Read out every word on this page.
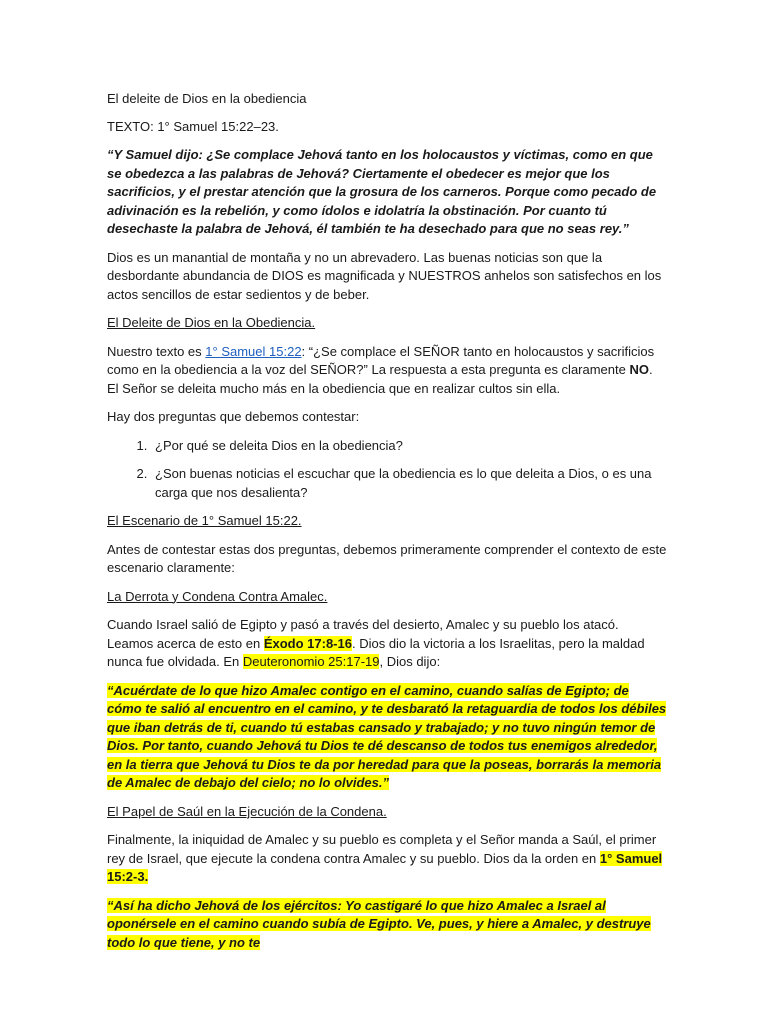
El deleite de Dios en la obediencia

TEXTO: 1° Samuel 15:22–23.

“Y Samuel dijo: ¿Se complace Jehová tanto en los holocaustos y víctimas, como en que se obedezca a las palabras de Jehová? Ciertamente el obedecer es mejor que los sacrificios, y el prestar atención que la grosura de los carneros. Porque como pecado de adivinación es la rebelión, y como ídolos e idolatría la obstinación. Por cuanto tú desechaste la palabra de Jehová, él también te ha desechado para que no seas rey.”

Dios es un manantial de montaña y no un abrevadero. Las buenas noticias son que la desbordante abundancia de DIOS es magnificada y NUESTROS anhelos son satisfechos en los actos sencillos de estar sedientos y de beber.

El Deleite de Dios en la Obediencia.

Nuestro texto es 1° Samuel 15:22: “¿Se complace el SEÑOR tanto en holocaustos y sacrificios como en la obediencia a la voz del SEÑOR?” La respuesta a esta pregunta es claramente NO. El Señor se deleita mucho más en la obediencia que en realizar cultos sin ella.

Hay dos preguntas que debemos contestar:

1. ¿Por qué se deleita Dios en la obediencia?
2. ¿Son buenas noticias el escuchar que la obediencia es lo que deleita a Dios, o es una carga que nos desalienta?

El Escenario de 1° Samuel 15:22.

Antes de contestar estas dos preguntas, debemos primeramente comprender el contexto de este escenario claramente:

La Derrota y Condena Contra Amalec.

Cuando Israel salió de Egipto y pasó a través del desierto, Amalec y su pueblo los atacó. Leamos acerca de esto en Éxodo 17:8-16. Dios dio la victoria a los Israelitas, pero la maldad nunca fue olvidada. En Deuteronomio 25:17-19, Dios dijo:

“Acuérdate de lo que hizo Amalec contigo en el camino, cuando salías de Egipto; de cómo te salió al encuentro en el camino, y te desbarató la retaguardia de todos los débiles que iban detrás de ti, cuando tú estabas cansado y trabajado; y no tuvo ningún temor de Dios. Por tanto, cuando Jehová tu Dios te dé descanso de todos tus enemigos alrededor, en la tierra que Jehová tu Dios te da por heredad para que la poseas, borrarás la memoria de Amalec de debajo del cielo; no lo olvides.”

El Papel de Saúl en la Ejecución de la Condena.

Finalmente, la iniquidad de Amalec y su pueblo es completa y el Señor manda a Saúl, el primer rey de Israel, que ejecute la condena contra Amalec y su pueblo. Dios da la orden en 1° Samuel 15:2-3.

“Así ha dicho Jehová de los ejércitos: Yo castigaré lo que hizo Amalec a Israel al oponérsele en el camino cuando subía de Egipto. Ve, pues, y hiere a Amalec, y destruye todo lo que tiene, y no te
